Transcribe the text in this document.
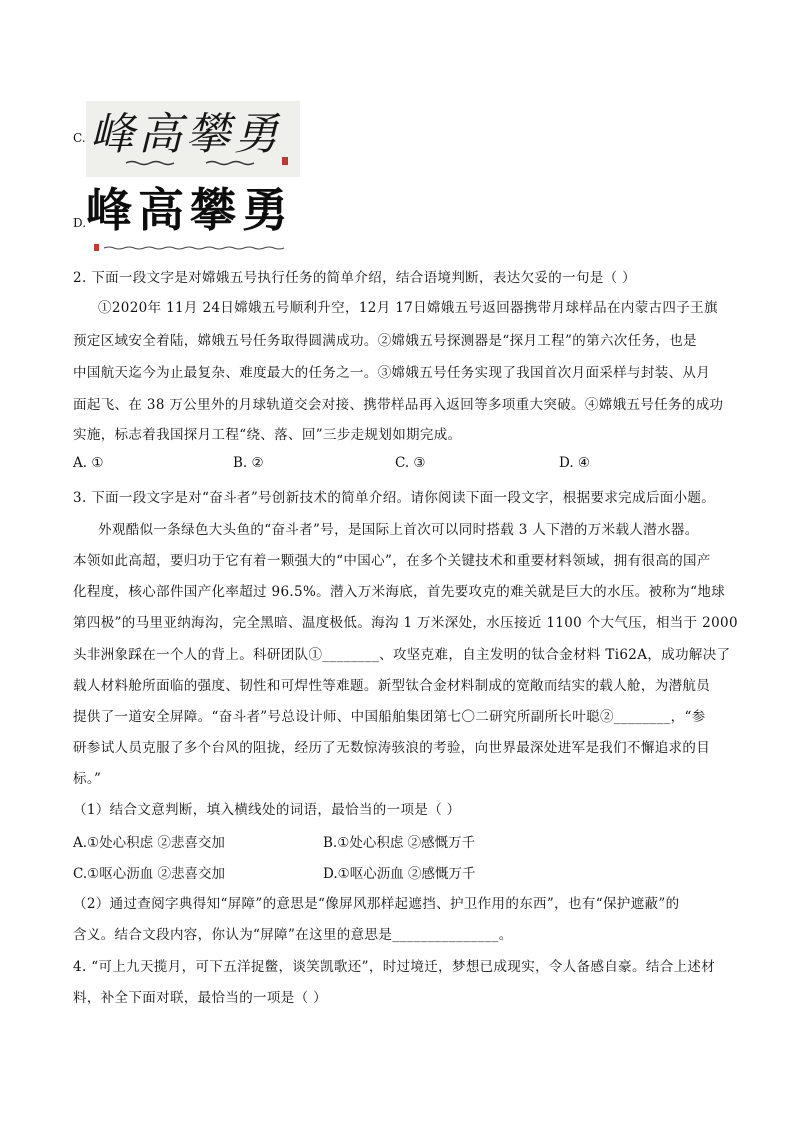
C. 峰高攀勇
D. 峰高攀勇
2. 下面一段文字是对嫦娥五号执行任务的简单介绍，结合语境判断，表达欠妥的一句是（ ）
①2020年 11月 24日嫦娥五号顺利升空，12月 17日嫦娥五号返回器携带月球样品在内蒙古四子王旗
预定区域安全着陆，嫦娥五号任务取得圆满成功。②嫦娥五号探测器是“探月工程”的第六次任务，也是
中国航天迄今为止最复杂、难度最大的任务之一。③嫦娥五号任务实现了我国首次月面采样与封装、从月
面起飞、在 38 万公里外的月球轨道交会对接、携带样品再入返回等多项重大突破。④嫦娥五号任务的成功
实施，标志着我国探月工程“绕、落、回”三步走规划如期完成。
A. ①	B. ②	C. ③	D. ④
3. 下面一段文字是对“奋斗者”号创新技术的简单介绍。请你阅读下面一段文字，根据要求完成后面小题。
外观酷似一条绿色大头鱼的“奋斗者”号，是国际上首次可以同时搭载 3 人下潜的万米载人潜水器。
本领如此高超，要归功于它有着一颗强大的“中国心”，在多个关键技术和重要材料领域，拥有很高的国产
化程度，核心部件国产化率超过 96.5%。潜入万米海底，首先要攻克的难关就是巨大的水压。被称为“地球
第四极”的马里亚纳海沟，完全黑暗、温度极低。海沟 1 万米深处，水压接近 1100 个大气压，相当于 2000
头非洲象踩在一个人的背上。科研团队①________、攻坚克难，自主发明的钛合金材料 Ti62A，成功解决了
载人材料舱所面临的强度、韧性和可焊性等难题。新型钛合金材料制成的宽敞而结实的载人舱，为潜航员
提供了一道安全屏障。“奋斗者”号总设计师、中国船舶集团第七〇二研究所副所长叶聪②________，“参
研参试人员克服了多个台风的阻拢，经历了无数惊涛骇浪的考验，向世界最深处进军是我们不懈追求的目
标。”
（1）结合文意判断，填入横线处的词语，最恰当的一项是（ ）
A.①处心积虑 ②悲喜交加	B.①处心积虑 ②感慨万千
C.①呕心沥血 ②悲喜交加	D.①呕心沥血 ②感慨万千
（2）通过查阅字典得知“屏障”的意思是“像屏风那样起遮挡、护卫作用的东西”，也有“保护遮蔽”的
含义。结合文段内容，你认为“屏障”在这里的意思是_______________。
4. “可上九天揽月，可下五洋捉鳖，谈笑凯歌还”，时过境迁，梦想已成现实，令人备感自豪。结合上述材
料，补全下面对联，最恰当的一项是（ ）
